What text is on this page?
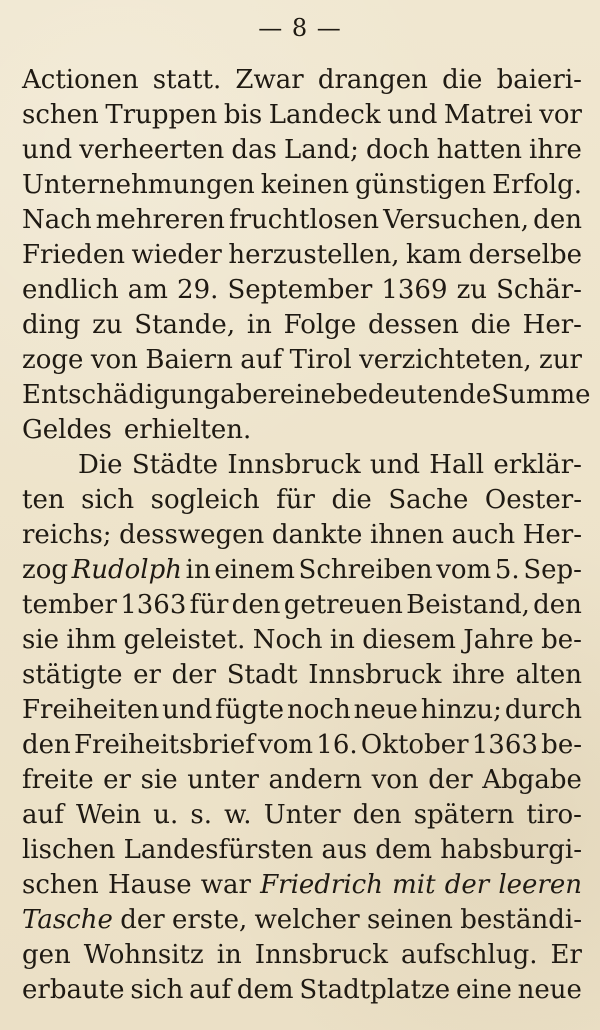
— 8 —
Actionen statt. Zwar drangen die baieri-
schen Truppen bis Landeck und Matrei vor
und verheerten das Land; doch hatten ihre
Unternehmungen keinen günstigen Erfolg.
Nach mehreren fruchtlosen Versuchen, den
Frieden wieder herzustellen, kam derselbe
endlich am 29. September 1369 zu Schär-
ding zu Stande, in Folge dessen die Her-
zoge von Baiern auf Tirol verzichteten, zur
Entschädigung aber eine bedeutende Summe
Geldes erhielten.
Die Städte Innsbruck und Hall erklär-
ten sich sogleich für die Sache Oester-
reichs; desswegen dankte ihnen auch Her-
zog Rudolph in einem Schreiben vom 5. Sep-
tember 1363 für den getreuen Beistand, den
sie ihm geleistet. Noch in diesem Jahre be-
stätigte er der Stadt Innsbruck ihre alten
Freiheiten und fügte noch neue hinzu; durch
den Freiheitsbrief vom 16. Oktober 1363 be-
freite er sie unter andern von der Abgabe
auf Wein u. s. w. Unter den spätern tiro-
lischen Landesfürsten aus dem habsburgi-
schen Hause war Friedrich mit der leeren
Tasche der erste, welcher seinen beständi-
gen Wohnsitz in Innsbruck aufschlug. Er
erbaute sich auf dem Stadtplatze eine neue
